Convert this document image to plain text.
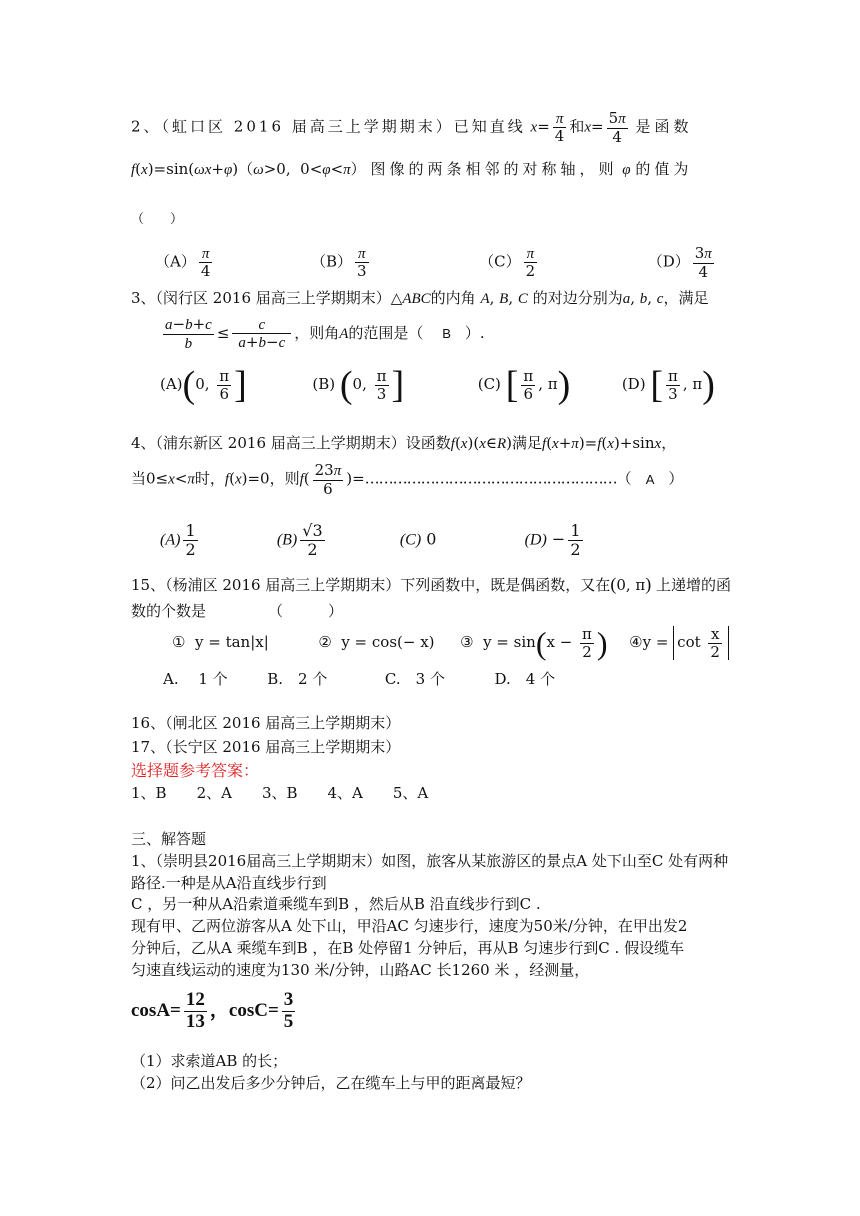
2、（虹口区 2016 届高三上学期期末）已知直线 $x= \frac{\pi}{4}$ 和$x= \frac{5\pi}{4}$ 是函数
f(x)=sin(ωx+φ)（ω>0,  0<φ<π） 图像的两条相邻的对称轴，则 φ 的值为
（　　）
$(A) \frac{\pi}{4}$	$(B) \frac{\pi}{3}$	$(C) \frac{\pi}{2}$	$(D) \frac{3\pi}{4}$
3、（闵行区 2016 届高三上学期期末）△ABC的内角 A, B, C 的对边分别为a, b, c，满足
$\frac{a-b+c}{b} \le \frac{c}{a+b-c}$ ，则角A的范围是（ B ）.
(A)(0, $\frac{\pi}{6}$ ]	(B) (0, $\frac{\pi}{3}$ ]	(C) [ $\frac{\pi}{6}$ , π)	(D) [ $\frac{\pi}{3}$ , π)
4、（浦东新区 2016 届高三上学期期末）设函数f(x)(x∈R)满足f(x+π)=f(x)+sinx，
当0≤x<π时，f(x)=0，则$f( \frac{23\pi}{6}$ )=………………………………………………（ A ）
$(A) \frac{1}{2}$	$(B) \frac{√3}{2}$	(C) 0	$(D) - \frac{1}{2}$
15、（杨浦区 2016 届高三上学期期末）下列函数中，既是偶函数，又在(0, π) 上递增的函
数的个数是	（　　　）
①  y = tan|x|	②  y = cos(− x)  ③  $y = \sin(x - \frac{\pi}{2}$ ) ④y = $\cot \frac{x}{2}$
A.　 1 个	B.　2 个	C.　3 个	D.　4 个
16、（闸北区 2016 届高三上学期期末）
17、（长宁区 2016 届高三上学期期末）
选择题参考答案：
1、B　　2、A　　3、B　　4、A　　5、A
三、解答题
1、（崇明县2016届高三上学期期末）如图，旅客从某旅游区的景点A 处下山至C 处有两种
路径.一种是从A沿直线步行到
C ，另一种从A沿索道乘缆车到B ，然后从B 沿直线步行到C .
现有甲、乙两位游客从A 处下山，甲沿AC 匀速步行，速度为50米/分钟，在甲出发2
分钟后，乙从A 乘缆车到B ，在B 处停留1 分钟后，再从B 匀速步行到C . 假设缆车
匀速直线运动的速度为130 米/分钟，山路AC 长1260 米 ，经测量，
$\cos A= \frac{12}{13}$ ，$\cos C= \frac{3}{5}$
（1）求索道AB 的长；
（2）问乙出发后多少分钟后，乙在缆车上与甲的距离最短？
